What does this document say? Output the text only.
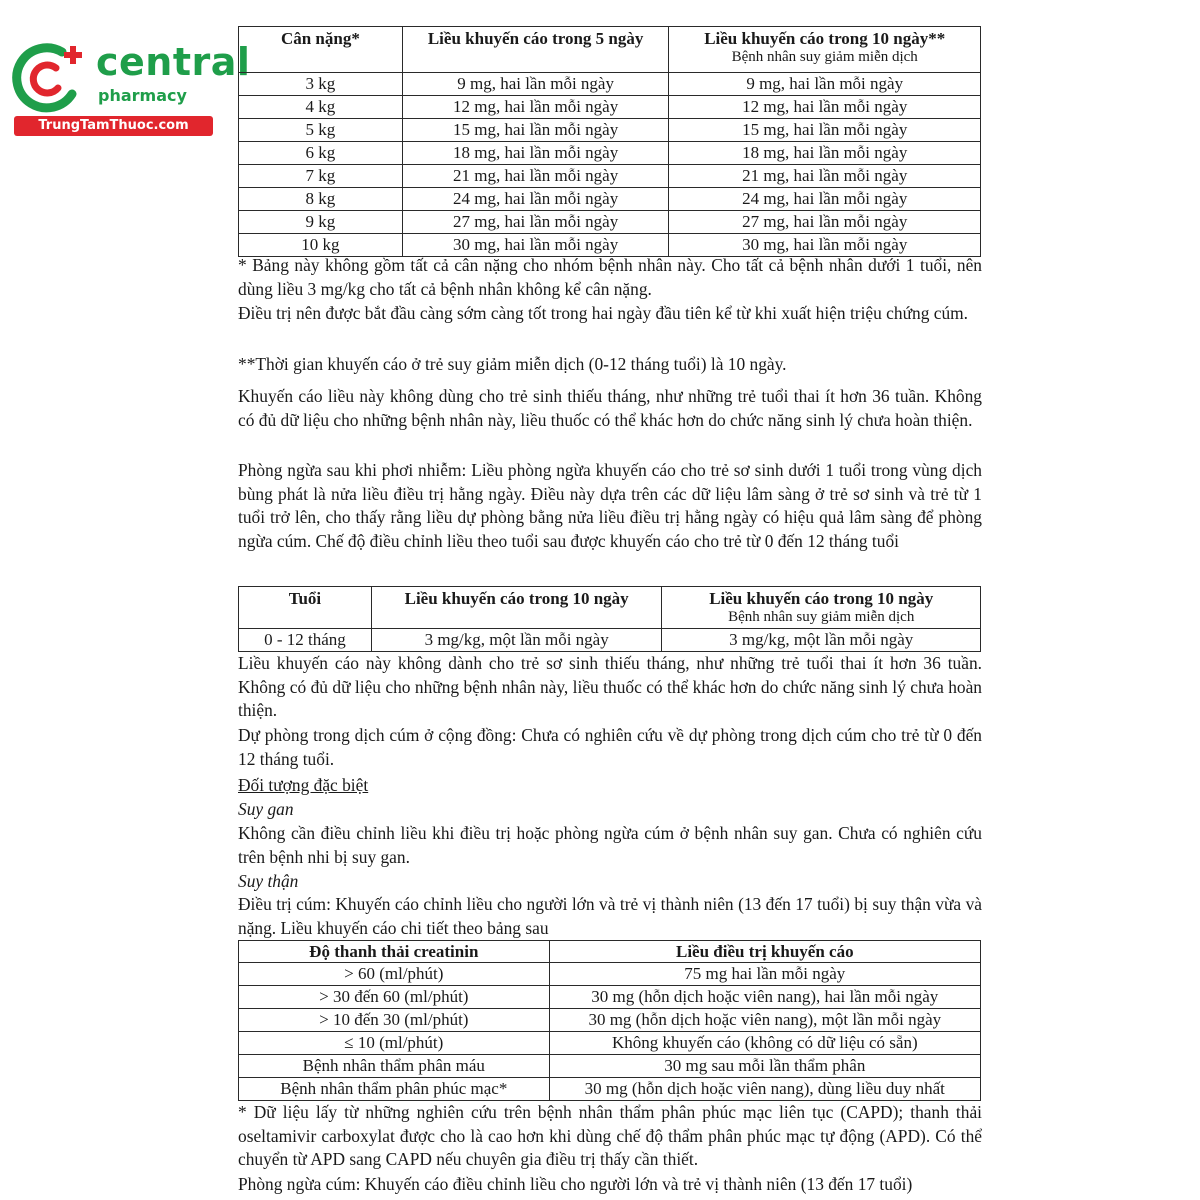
central
pharmacy
TrungTamThuoc.com
Cân nặng*	Liều khuyến cáo trong 5 ngày	Liều khuyến cáo trong 10 ngày**
Bệnh nhân suy giảm miễn dịch

3 kg	9 mg, hai lần mỗi ngày	9 mg, hai lần mỗi ngày
4 kg	12 mg, hai lần mỗi ngày	12 mg, hai lần mỗi ngày
5 kg	15 mg, hai lần mỗi ngày	15 mg, hai lần mỗi ngày
6 kg	18 mg, hai lần mỗi ngày	18 mg, hai lần mỗi ngày
7 kg	21 mg, hai lần mỗi ngày	21 mg, hai lần mỗi ngày
8 kg	24 mg, hai lần mỗi ngày	24 mg, hai lần mỗi ngày
9 kg	27 mg, hai lần mỗi ngày	27 mg, hai lần mỗi ngày
10 kg	30 mg, hai lần mỗi ngày	30 mg, hai lần mỗi ngày
* Bảng này không gồm tất cả cân nặng cho nhóm bệnh nhân này. Cho tất cả bệnh nhân dưới 1 tuổi, nên dùng liều 3 mg/kg cho tất cả bệnh nhân không kể cân nặng.
Điều trị nên được bắt đầu càng sớm càng tốt trong hai ngày đầu tiên kể từ khi xuất hiện triệu chứng cúm.
**Thời gian khuyến cáo ở trẻ suy giảm miễn dịch (0-12 tháng tuổi) là 10 ngày.
Khuyến cáo liều này không dùng cho trẻ sinh thiếu tháng, như những trẻ tuổi thai ít hơn 36 tuần. Không có đủ dữ liệu cho những bệnh nhân này, liều thuốc có thể khác hơn do chức năng sinh lý chưa hoàn thiện.
Phòng ngừa sau khi phơi nhiễm: Liều phòng ngừa khuyến cáo cho trẻ sơ sinh dưới 1 tuổi trong vùng dịch bùng phát là nửa liều điều trị hằng ngày. Điều này dựa trên các dữ liệu lâm sàng ở trẻ sơ sinh và trẻ từ 1 tuổi trở lên, cho thấy rằng liều dự phòng bằng nửa liều điều trị hằng ngày có hiệu quả lâm sàng để phòng ngừa cúm. Chế độ điều chỉnh liều theo tuổi sau được khuyến cáo cho trẻ từ 0 đến 12 tháng tuổi
Tuổi	Liều khuyến cáo trong 10 ngày	Liều khuyến cáo trong 10 ngày
Bệnh nhân suy giảm miễn dịch

0 - 12 tháng	3 mg/kg, một lần mỗi ngày	3 mg/kg, một lần mỗi ngày
Liều khuyến cáo này không dành cho trẻ sơ sinh thiếu tháng, như những trẻ tuổi thai ít hơn 36 tuần. Không có đủ dữ liệu cho những bệnh nhân này, liều thuốc có thể khác hơn do chức năng sinh lý chưa hoàn thiện.
Dự phòng trong dịch cúm ở cộng đồng: Chưa có nghiên cứu về dự phòng trong dịch cúm cho trẻ từ 0 đến 12 tháng tuổi.
Đối tượng đặc biệt
Suy gan
Không cần điều chỉnh liều khi điều trị hoặc phòng ngừa cúm ở bệnh nhân suy gan. Chưa có nghiên cứu trên bệnh nhi bị suy gan.
Suy thận
Điều trị cúm: Khuyến cáo chỉnh liều cho người lớn và trẻ vị thành niên (13 đến 17 tuổi) bị suy thận vừa và nặng. Liều khuyến cáo chi tiết theo bảng sau
Độ thanh thải creatinin	Liều điều trị khuyến cáo
> 60 (ml/phút)	75 mg hai lần mỗi ngày
> 30 đến 60 (ml/phút)	30 mg (hỗn dịch hoặc viên nang), hai lần mỗi ngày
> 10 đến 30 (ml/phút)	30 mg (hỗn dịch hoặc viên nang), một lần mỗi ngày
≤ 10 (ml/phút)	Không khuyến cáo (không có dữ liệu có sẵn)
Bệnh nhân thẩm phân máu	30 mg sau mỗi lần thẩm phân
Bệnh nhân thẩm phân phúc mạc*	30 mg (hỗn dịch hoặc viên nang), dùng liều duy nhất
* Dữ liệu lấy từ những nghiên cứu trên bệnh nhân thẩm phân phúc mạc liên tục (CAPD); thanh thải oseltamivir carboxylat được cho là cao hơn khi dùng chế độ thẩm phân phúc mạc tự động (APD). Có thể chuyển từ APD sang CAPD nếu chuyên gia điều trị thấy cần thiết.
Phòng ngừa cúm: Khuyến cáo điều chỉnh liều cho người lớn và trẻ vị thành niên (13 đến 17 tuổi)
